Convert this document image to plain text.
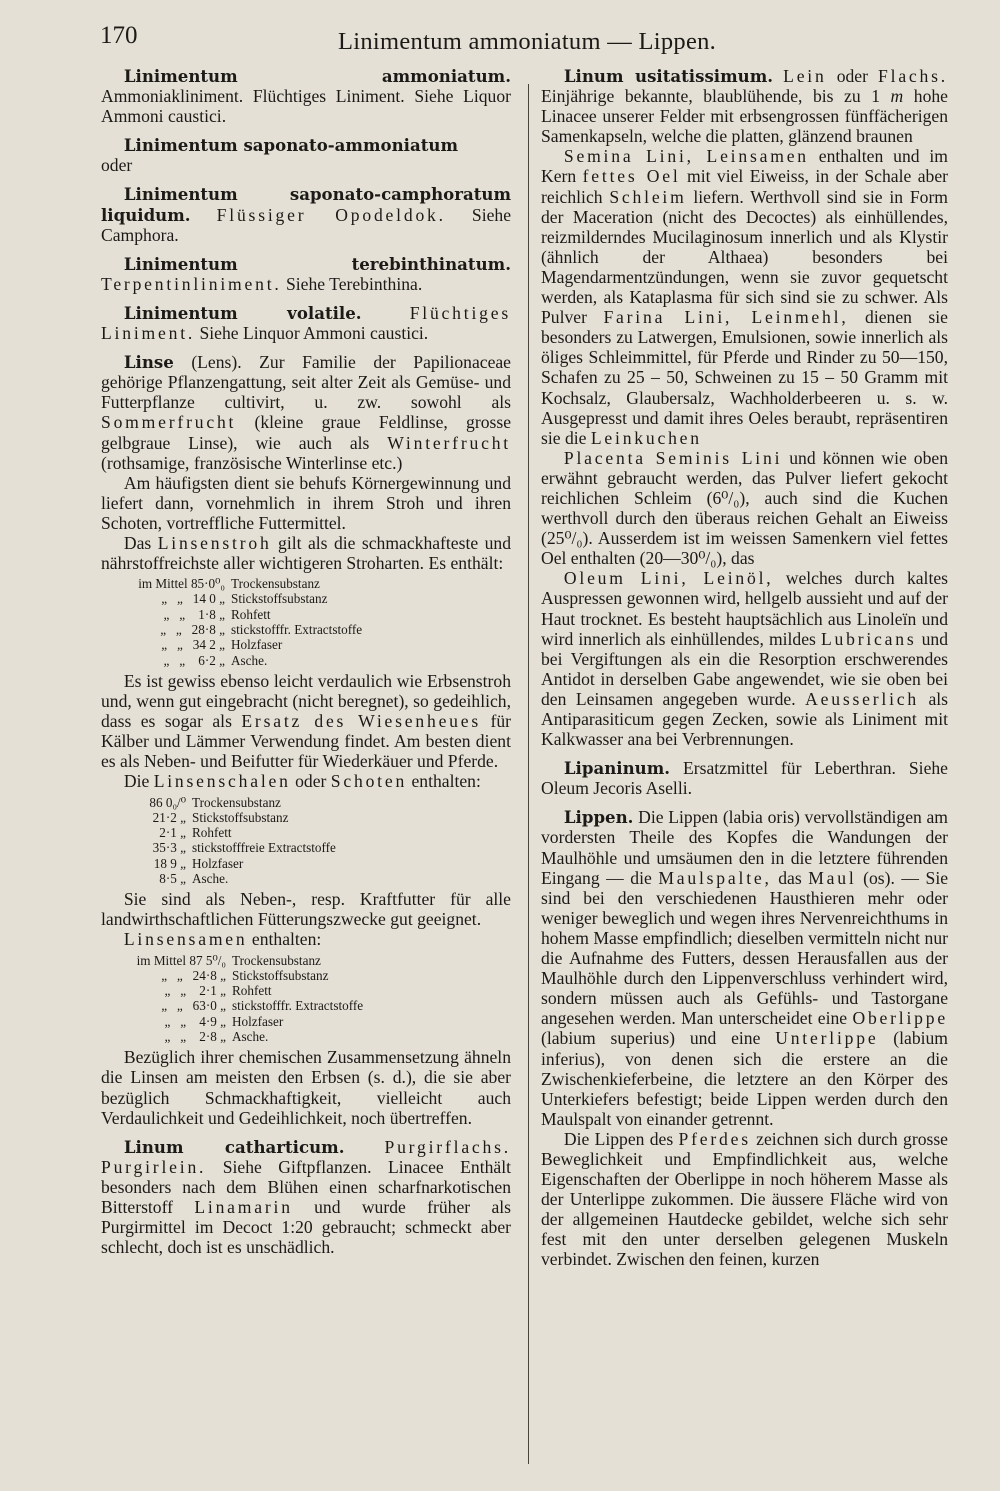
170	Linimentum ammoniatum — Lippen.

Linimentum ammoniatum. Ammoniakliniment. Flüchtiges Liniment. Siehe Liquor Ammoni caustici.

Linimentum saponato-ammoniatum

oder

Linimentum saponato-camphoratum liquidum. Flüssiger Opodeldok. Siehe Camphora.

Linimentum terebinthinatum. Terpentinliniment. Siehe Terebinthina.

Linimentum volatile.	Flüchtiges Liniment. Siehe Linquor Ammoni caustici.

Linse (Lens). Zur Familie der Papilionaceae gehörige Pflanzengattung, seit alter Zeit als Gemüse- und Futterpflanze cultivirt, u. zw. sowohl als Sommerfrucht (kleine graue Feldlinse, grosse gelbgraue Linse), wie auch als Winterfrucht (rothsamige, französische Winterlinse etc.)

Am häufigsten dient sie behufs Körnergewinnung und liefert dann, vornehmlich in ihrem Stroh und ihren Schoten, vortreffliche Futtermittel.

Das Linsenstroh gilt als die schmackhafteste und nährstoffreichste aller wichtigeren Stroharten. Es enthält:

im Mittel 85·0⁰₀ Trockensubstanz
„   „   14 0 „ Stickstoffsubstanz
„   „    1·8 „ Rohfett
„   „   28·8 „ stickstofffr. Extractstoffe
„   „   34 2 „ Holzfaser
„   „    6·2 „ Asche.

Es ist gewiss ebenso leicht verdaulich wie Erbsenstroh und, wenn gut eingebracht (nicht beregnet), so gedeihlich, dass es sogar als Ersatz des Wiesenheues für Kälber und Lämmer Verwendung findet. Am besten dient es als Neben- und Beifutter für Wiederkäuer und Pferde.

Die Linsenschalen oder Schoten enthalten:

86 0₀/⁰ Trockensubstanz
21·2 „ Stickstoffsubstanz
2·1 „ Rohfett
35·3 „ stickstofffreie Extractstoffe
18 9 „ Holzfaser
8·5 „ Asche.

Sie sind als Neben-, resp. Kraftfutter für alle landwirthschaftlichen Fütterungszwecke gut geeignet.

Linsensamen enthalten:

im Mittel 87 5⁰/₀ Trockensubstanz
„   „   24·8 „ Stickstoffsubstanz
„   „    2·1 „ Rohfett
„   „   63·0 „ stickstofffr. Extractstoffe
„   „    4·9 „ Holzfaser
„   „    2·8 „ Asche.

Bezüglich ihrer chemischen Zusammensetzung ähneln die Linsen am meisten den Erbsen (s. d.), die sie aber bezüglich Schmackhaftigkeit, vielleicht auch Verdaulichkeit und Gedeihlichkeit, noch übertreffen.

Linum catharticum. Purgirflachs. Purgirlein. Siehe Giftpflanzen. Linacee Enthält besonders nach dem Blühen einen scharfnarkotischen Bitterstoff Linamarin und wurde früher als Purgirmittel im Decoct 1:20 gebraucht; schmeckt aber schlecht, doch ist es unschädlich.

Linum usitatissimum. Lein oder Flachs. Einjährige bekannte, blaublühende, bis zu 1 m hohe Linacee unserer Felder mit erbsengrossen fünffächerigen Samenkapseln, welche die platten, glänzend braunen

Semina Lini, Leinsamen enthalten und im Kern fettes Oel mit viel Eiweiss, in der Schale aber reichlich Schleim liefern. Werthvoll sind sie in Form der Maceration (nicht des Decoctes) als einhüllendes, reizmilderndes Mucilaginosum innerlich und als Klystir (ähnlich der Althaea) besonders bei Magendarmentzündungen, wenn sie zuvor gequetscht werden, als Kataplasma für sich sind sie zu schwer. Als Pulver Farina Lini, Leinmehl, dienen sie besonders zu Latwergen, Emulsionen, sowie innerlich als öliges Schleimmittel, für Pferde und Rinder zu 50—150, Schafen zu 25 – 50, Schweinen zu 15 – 50 Gramm mit Kochsalz, Glaubersalz, Wachholderbeeren u. s. w. Ausgepresst und damit ihres Oeles beraubt, repräsentiren sie die Leinkuchen

Placenta Seminis Lini und können wie oben erwähnt gebraucht werden, das Pulver liefert gekocht reichlichen Schleim (6⁰/₀), auch sind die Kuchen werthvoll durch den überaus reichen Gehalt an Eiweiss (25⁰/₀). Ausserdem ist im weissen Samenkern viel fettes Oel enthalten (20—30⁰/₀), das

Oleum Lini, Leinöl, welches durch kaltes Auspressen gewonnen wird, hellgelb aussieht und auf der Haut trocknet. Es besteht hauptsächlich aus Linoleïn und wird innerlich als einhüllendes, mildes Lubricans und bei Vergiftungen als ein die Resorption erschwerendes Antidot in derselben Gabe angewendet, wie sie oben bei den Leinsamen angegeben wurde. Aeusserlich als Antiparasiticum gegen Zecken, sowie als Liniment mit Kalkwasser ana bei Verbrennungen.

Lipaninum. Ersatzmittel für Leberthran. Siehe Oleum Jecoris Aselli.

Lippen. Die Lippen (labia oris) vervollständigen am vordersten Theile des Kopfes die Wandungen der Maulhöhle und umsäumen den in die letztere führenden Eingang — die Maulspalte, das Maul (os). — Sie sind bei den verschiedenen Hausthieren mehr oder weniger beweglich und wegen ihres Nervenreichthums in hohem Masse empfindlich; dieselben vermitteln nicht nur die Aufnahme des Futters, dessen Herausfallen aus der Maulhöhle durch den Lippenverschluss verhindert wird, sondern müssen auch als Gefühls- und Tastorgane angesehen werden. Man unterscheidet eine Oberlippe (labium superius) und eine Unterlippe (labium inferius), von denen sich die erstere an die Zwischenkieferbeine, die letztere an den Körper des Unterkiefers befestigt; beide Lippen werden durch den Maulspalt von einander getrennt.

Die Lippen des Pferdes zeichnen sich durch grosse Beweglichkeit und Empfindlichkeit aus, welche Eigenschaften der Oberlippe in noch höherem Masse als der Unterlippe zukommen. Die äussere Fläche wird von der allgemeinen Hautdecke gebildet, welche sich sehr fest mit den unter derselben gelegenen Muskeln verbindet. Zwischen den feinen, kurzen
